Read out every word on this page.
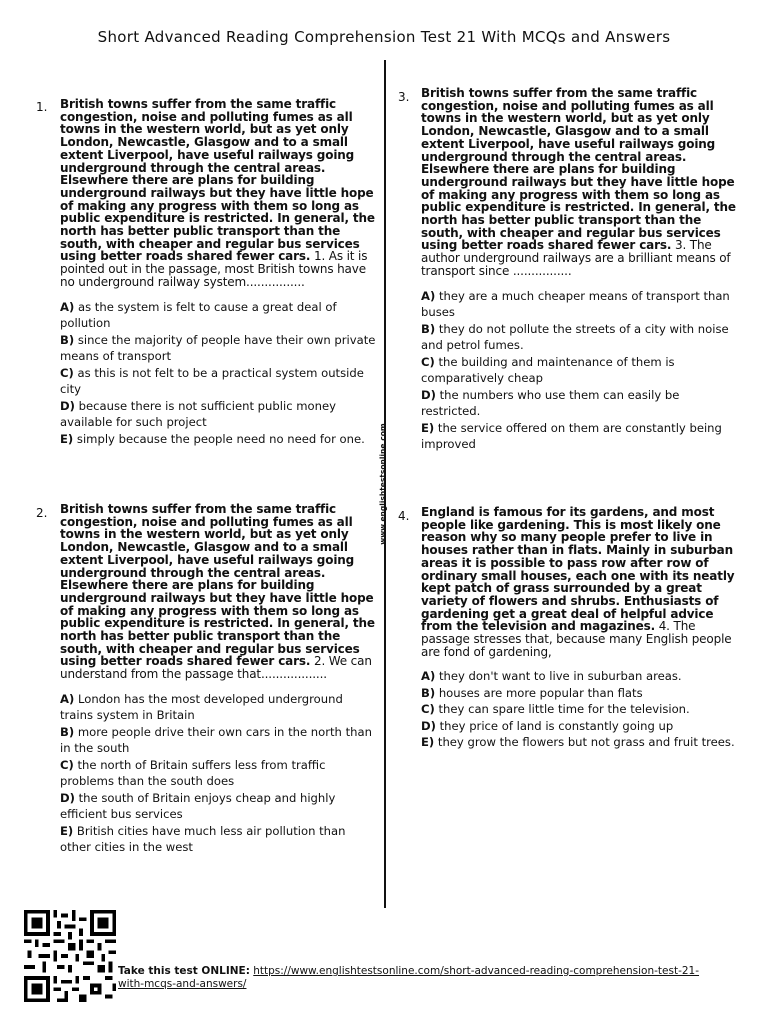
Short Advanced Reading Comprehension Test 21 With MCQs and Answers
www.englishtestsonline.com
1. British towns suffer from the same traffic congestion, noise and polluting fumes as all towns in the western world, but as yet only London, Newcastle, Glasgow and to a small extent Liverpool, have useful railways going underground through the central areas. Elsewhere there are plans for building underground railways but they have little hope of making any progress with them so long as public expenditure is restricted. In general, the north has better public transport than the south, with cheaper and regular bus services using better roads shared fewer cars. 1. As it is pointed out in the passage, most British towns have no underground railway system................
A) as the system is felt to cause a great deal of pollution
B) since the majority of people have their own private means of transport
C) as this is not felt to be a practical system outside city
D) because there is not sufficient public money available for such project
E) simply because the people need no need for one.
2. British towns suffer from the same traffic congestion, noise and polluting fumes as all towns in the western world, but as yet only London, Newcastle, Glasgow and to a small extent Liverpool, have useful railways going underground through the central areas. Elsewhere there are plans for building underground railways but they have little hope of making any progress with them so long as public expenditure is restricted. In general, the north has better public transport than the south, with cheaper and regular bus services using better roads shared fewer cars. 2. We can understand from the passage that..................
A) London has the most developed underground trains system in Britain
B) more people drive their own cars in the north than in the south
C) the north of Britain suffers less from traffic problems than the south does
D) the south of Britain enjoys cheap and highly efficient bus services
E) British cities have much less air pollution than other cities in the west
3. British towns suffer from the same traffic congestion, noise and polluting fumes as all towns in the western world, but as yet only London, Newcastle, Glasgow and to a small extent Liverpool, have useful railways going underground through the central areas. Elsewhere there are plans for building underground railways but they have little hope of making any progress with them so long as public expenditure is restricted. In general, the north has better public transport than the south, with cheaper and regular bus services using better roads shared fewer cars. 3. The author underground railways are a brilliant means of transport since ................
A) they are a much cheaper means of transport than buses
B) they do not pollute the streets of a city with noise and petrol fumes.
C) the building and maintenance of them is comparatively cheap
D) the numbers who use them can easily be restricted.
E) the service offered on them are constantly being improved
4. England is famous for its gardens, and most people like gardening. This is most likely one reason why so many people prefer to live in houses rather than in flats. Mainly in suburban areas it is possible to pass row after row of ordinary small houses, each one with its neatly kept patch of grass surrounded by a great variety of flowers and shrubs. Enthusiasts of gardening get a great deal of helpful advice from the television and magazines. 4. The passage stresses that, because many English people are fond of gardening,
A) they don't want to live in suburban areas.
B) houses are more popular than flats
C) they can spare little time for the television.
D) they price of land is constantly going up
E) they grow the flowers but not grass and fruit trees.
Take this test ONLINE: https://www.englishtestsonline.com/short-advanced-reading-comprehension-test-21-with-mcqs-and-answers/
